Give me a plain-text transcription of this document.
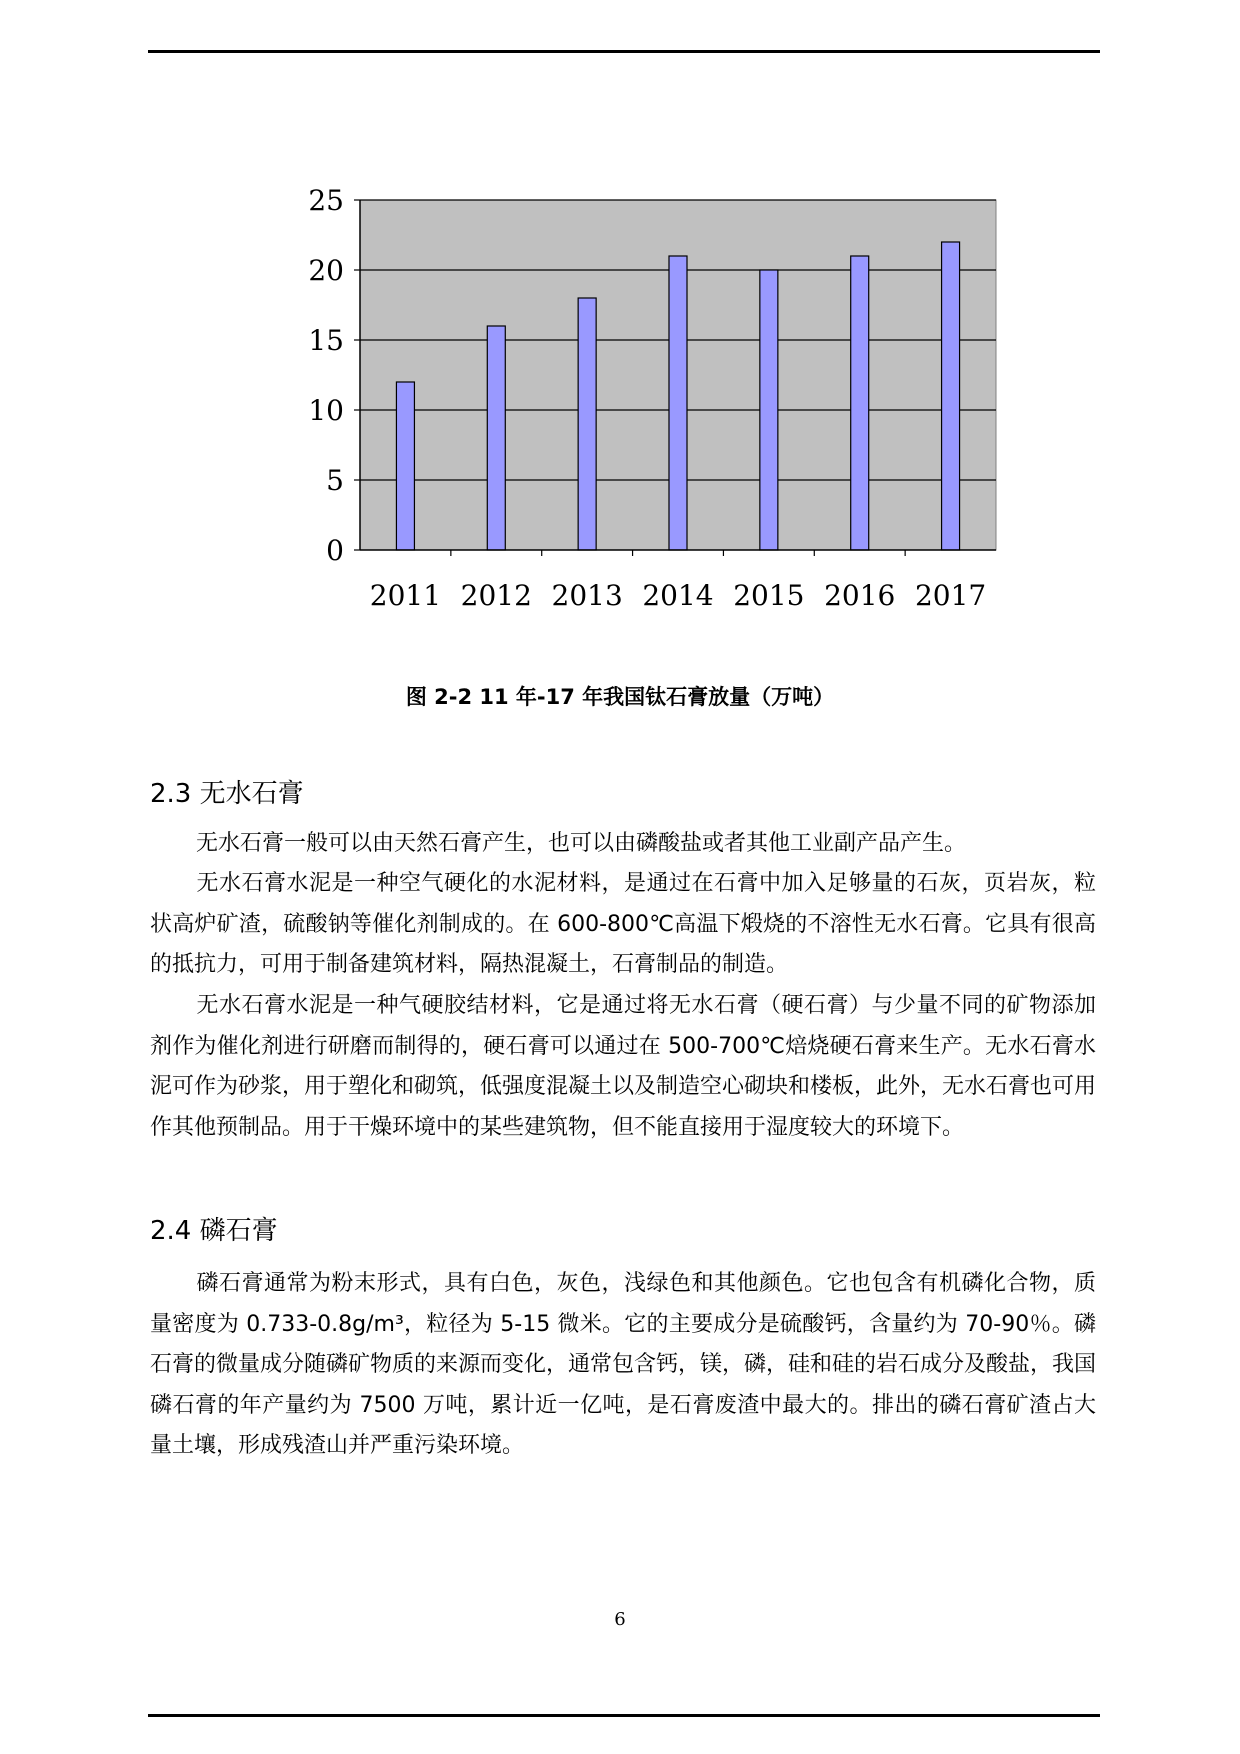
0
5
10
15
20
25
2011 2012 2013 2014 2015 2016 2017
图 2-2 11 年-17 年我国钛石膏放量（万吨）
2.3 无水石膏

无水石膏一般可以由天然石膏产生，也可以由磷酸盐或者其他工业副产品产生。

无水石膏水泥是一种空气硬化的水泥材料，是通过在石膏中加入足够量的石灰，页岩灰，粒状高炉矿渣，硫酸钠等催化剂制成的。在 600-800℃高温下煅烧的不溶性无水石膏。它具有很高的抵抗力，可用于制备建筑材料，隔热混凝土，石膏制品的制造。

无水石膏水泥是一种气硬胶结材料，它是通过将无水石膏（硬石膏）与少量不同的矿物添加剂作为催化剂进行研磨而制得的，硬石膏可以通过在 500-700℃焙烧硬石膏来生产。无水石膏水泥可作为砂浆，用于塑化和砌筑，低强度混凝土以及制造空心砌块和楼板，此外，无水石膏也可用作其他预制品。用于干燥环境中的某些建筑物，但不能直接用于湿度较大的环境下。

2.4 磷石膏

磷石膏通常为粉末形式，具有白色，灰色，浅绿色和其他颜色。它也包含有机磷化合物，质量密度为 0.733-0.8g/m³，粒径为 5-15 微米。它的主要成分是硫酸钙，含量约为 70-90％。磷石膏的微量成分随磷矿物质的来源而变化，通常包含钙，镁，磷，硅和硅的岩石成分及酸盐，我国磷石膏的年产量约为 7500 万吨，累计近一亿吨，是石膏废渣中最大的。排出的磷石膏矿渣占大量土壤，形成残渣山并严重污染环境。

6
